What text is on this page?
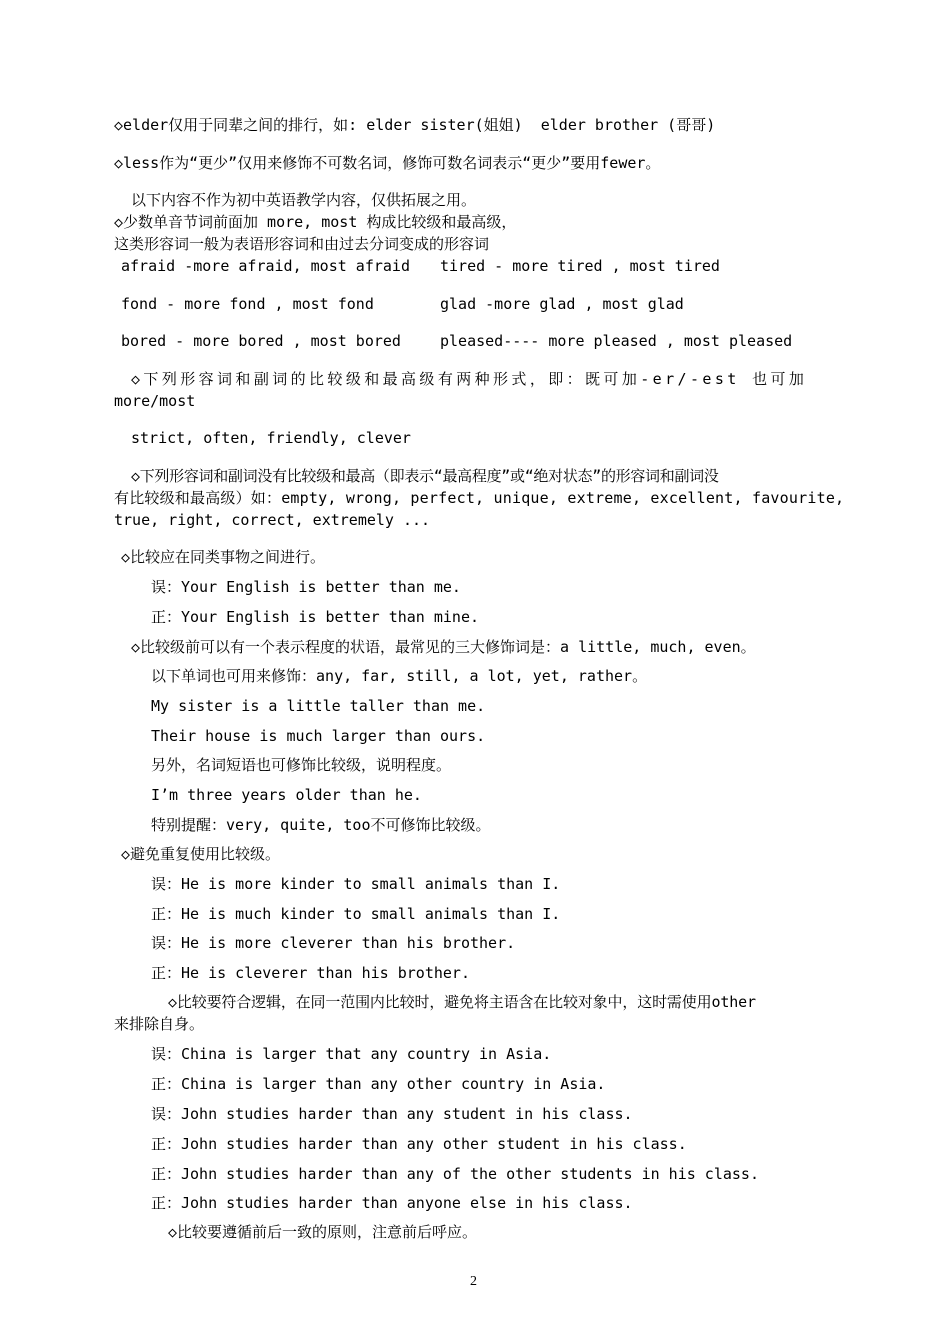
◇elder仅用于同辈之间的排行，如: elder sister(姐姐)  elder brother (哥哥)
◇less作为“更少”仅用来修饰不可数名词，修饰可数名词表示“更少”要用fewer。
以下内容不作为初中英语教学内容，仅供拓展之用。
◇少数单音节词前面加 more, most 构成比较级和最高级，
这类形容词一般为表语形容词和由过去分词变成的形容词
afraid -more afraid, most afraid tired - more tired , most tired
fond - more fond , most fond	glad -more glad , most glad
bored - more bored , most bored	pleased---- more pleased , most pleased
◇下列形容词和副词的比较级和最高级有两种形式，即：既可加-er/-est 也可加
more/most
strict, often, friendly, clever
◇下列形容词和副词没有比较级和最高（即表示“最高程度”或“绝对状态”的形容词和副词没
有比较级和最高级）如：empty, wrong, perfect, unique, extreme, excellent, favourite,
true, right, correct, extremely ...
◇比较应在同类事物之间进行。
误：Your English is better than me.
正：Your English is better than mine.
◇比较级前可以有一个表示程度的状语，最常见的三大修饰词是：a little, much, even。
以下单词也可用来修饰：any, far, still, a lot, yet, rather。
My sister is a little taller than me.
Their house is much larger than ours.
另外，名词短语也可修饰比较级，说明程度。
I’m three years older than he.
特别提醒：very, quite, too不可修饰比较级。
◇避免重复使用比较级。
误：He is more kinder to small animals than I.
正：He is much kinder to small animals than I.
误：He is more cleverer than his brother.
正：He is cleverer than his brother.
◇比较要符合逻辑，在同一范围内比较时，避免将主语含在比较对象中，这时需使用other
来排除自身。
误：China is larger that any country in Asia.
正：China is larger than any other country in Asia.
误：John studies harder than any student in his class.
正：John studies harder than any other student in his class.
正：John studies harder than any of the other students in his class.
正：John studies harder than anyone else in his class.
◇比较要遵循前后一致的原则，注意前后呼应。
2
